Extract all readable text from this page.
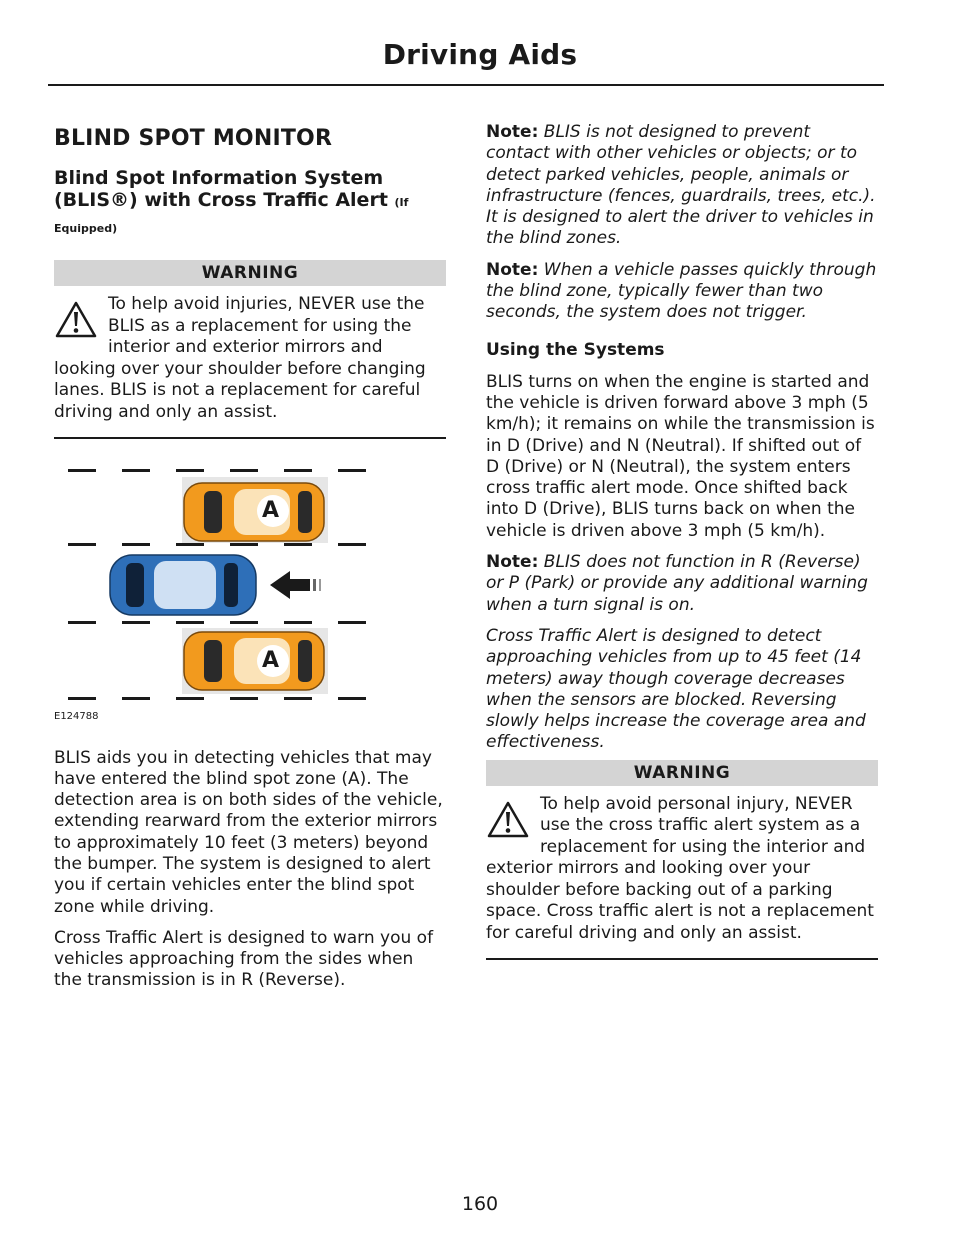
Driving Aids
BLIND SPOT MONITOR
Blind Spot Information System (BLIS®) with Cross Traffic Alert (If
Equipped)
WARNING
To help avoid injuries, NEVER use the BLIS as a replacement for using the interior and exterior mirrors and looking over your shoulder before changing lanes. BLIS is not a replacement for careful driving and only an assist.
A
A
E124788

BLIS aids you in detecting vehicles that may have entered the blind spot zone (A). The detection area is on both sides of the vehicle, extending rearward from the exterior mirrors to approximately 10 feet (3 meters) beyond the bumper. The system is designed to alert you if certain vehicles enter the blind spot zone while driving.

Cross Traffic Alert is designed to warn you of vehicles approaching from the sides when the transmission is in R (Reverse).

Note: BLIS is not designed to prevent contact with other vehicles or objects; or to detect parked vehicles, people, animals or infrastructure (fences, guardrails, trees, etc.). It is designed to alert the driver to vehicles in the blind zones.

Note: When a vehicle passes quickly through the blind zone, typically fewer than two seconds, the system does not trigger.

Using the Systems

BLIS turns on when the engine is started and the vehicle is driven forward above 3 mph (5 km/h); it remains on while the transmission is in D (Drive) and N (Neutral). If shifted out of D (Drive) or N (Neutral), the system enters cross traffic alert mode. Once shifted back into D (Drive), BLIS turns back on when the vehicle is driven above 3 mph (5 km/h).

Note: BLIS does not function in R (Reverse) or P (Park) or provide any additional warning when a turn signal is on.

Cross Traffic Alert is designed to detect approaching vehicles from up to 45 feet (14 meters) away though coverage decreases when the sensors are blocked. Reversing slowly helps increase the coverage area and effectiveness.

WARNING
To help avoid personal injury, NEVER use the cross traffic alert system as a replacement for using the interior and exterior mirrors and looking over your shoulder before backing out of a parking space. Cross traffic alert is not a replacement for careful driving and only an assist.
160
